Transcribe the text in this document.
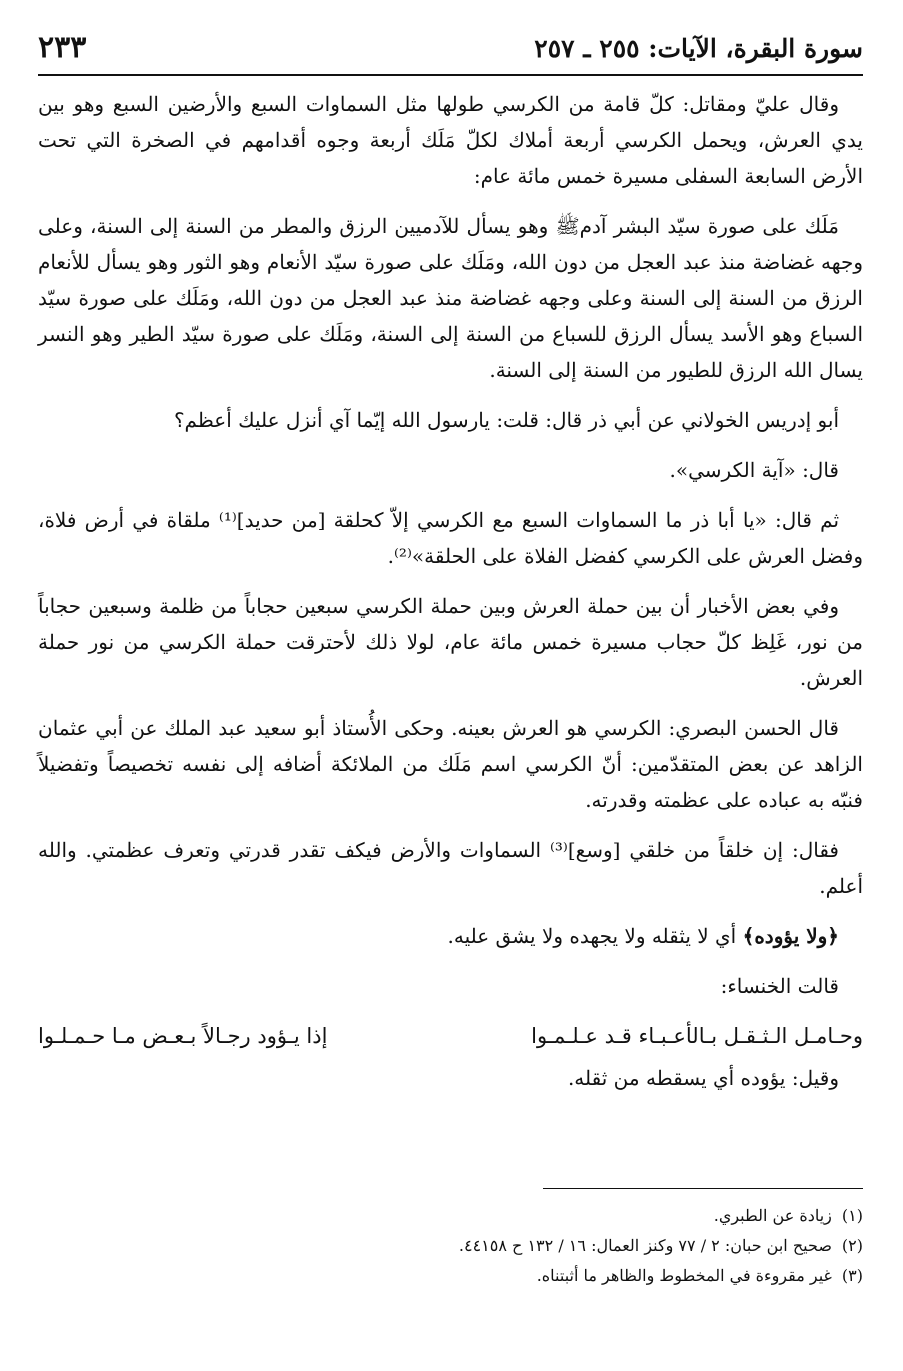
سورة البقرة، الآيات: ٢٥٥ ـ ٢٥٧
٢٣٣

وقال عليّ ومقاتل: كلّ قامة من الكرسي طولها مثل السماوات السبع والأرضين السبع وهو بين يدي العرش، ويحمل الكرسي أربعة أملاك لكلّ مَلَك أربعة وجوه أقدامهم في الصخرة التي تحت الأرض السابعة السفلى مسيرة خمس مائة عام:

مَلَك على صورة سيّد البشر آدمﷺ وهو يسأل للآدميين الرزق والمطر من السنة إلى السنة، وعلى وجهه غضاضة منذ عبد العجل من دون الله، ومَلَك على صورة سيّد الأنعام وهو الثور وهو يسأل للأنعام الرزق من السنة إلى السنة وعلى وجهه غضاضة منذ عبد العجل من دون الله، ومَلَك على صورة سيّد السباع وهو الأسد يسأل الرزق للسباع من السنة إلى السنة، ومَلَك على صورة سيّد الطير وهو النسر يسال الله الرزق للطيور من السنة إلى السنة.

أبو إدريس الخولاني عن أبي ذر قال: قلت: يارسول الله إيّما آي أنزل عليك أعظم؟

قال: «آية الكرسي».

ثم قال: «يا أبا ذر ما السماوات السبع مع الكرسي إلاّ كحلقة [من حديد]⁽¹⁾ ملقاة في أرض فلاة، وفضل العرش على الكرسي كفضل الفلاة على الحلقة»⁽²⁾.

وفي بعض الأخبار أن بين حملة العرش وبين حملة الكرسي سبعين حجاباً من ظلمة وسبعين حجاباً من نور، غَلِظ كلّ حجاب مسيرة خمس مائة عام، لولا ذلك لأحترقت حملة الكرسي من نور حملة العرش.

قال الحسن البصري: الكرسي هو العرش بعينه. وحكى الأُستاذ أبو سعيد عبد الملك عن أبي عثمان الزاهد عن بعض المتقدّمين: أنّ الكرسي اسم مَلَك من الملائكة أضافه إلى نفسه تخصيصاً وتفضيلاً فنبّه به عباده على عظمته وقدرته.

فقال: إن خلقاً من خلقي [وسع]⁽³⁾ السماوات والأرض فيكف تقدر قدرتي وتعرف عظمتي. والله أعلم.

﴿ولا يؤوده﴾ أي لا يثقله ولا يجهده ولا يشق عليه.

قالت الخنساء:

وحـامـل الـثـقـل بـالأعـبـاء قـد عـلـمـوا
إذا يـؤود رجـالاً بـعـض مـا حـمـلـوا

وقيل: يؤوده أي يسقطه من ثقله.

(١)
زيادة عن الطبري.

(٢)
صحيح ابن حبان: ٢ / ٧٧ وكنز العمال: ١٦ / ١٣٢ ح ٤٤١٥٨.

(٣)
غير مقروءة في المخطوط والظاهر ما أثبتناه.
